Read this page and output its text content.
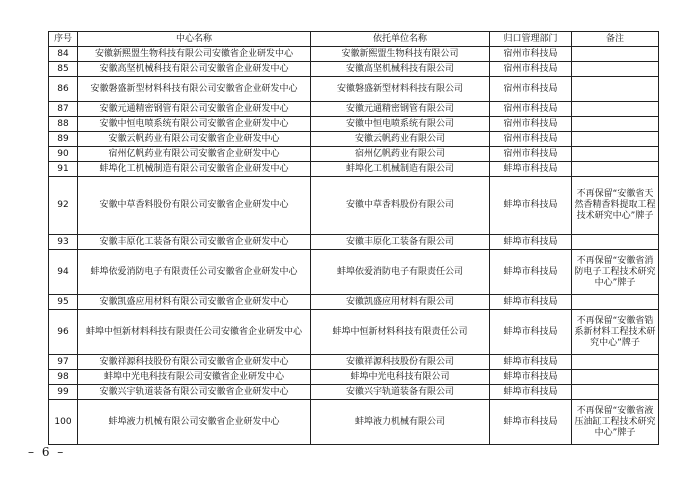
序号	中心名称	依托单位名称	归口管理部门	备注
84	安徽新熙盟生物科技有限公司安徽省企业研发中心	安徽新熙盟生物科技有限公司	宿州市科技局	
85	安徽高坚机械科技有限公司安徽省企业研发中心	安徽高坚机械科技有限公司	宿州市科技局	
86	安徽磐盛新型材料科技有限公司安徽省企业研发中心	安徽磐盛新型材料科技有限公司	宿州市科技局	
87	安徽元通精密钢管有限公司安徽省企业研发中心	安徽元通精密钢管有限公司	宿州市科技局	
88	安徽中恒电喷系统有限公司安徽省企业研发中心	安徽中恒电喷系统有限公司	宿州市科技局	
89	安徽云帆药业有限公司安徽省企业研发中心	安徽云帆药业有限公司	宿州市科技局	
90	宿州亿帆药业有限公司安徽省企业研发中心	宿州亿帆药业有限公司	宿州市科技局	
91	蚌埠化工机械制造有限公司安徽省企业研发中心	蚌埠化工机械制造有限公司	蚌埠市科技局	
92	安徽中草香料股份有限公司安徽省企业研发中心	安徽中草香料股份有限公司	蚌埠市科技局	不再保留“安徽省天然香精香料提取工程技术研究中心”牌子
93	安徽丰原化工装备有限公司安徽省企业研发中心	安徽丰原化工装备有限公司	蚌埠市科技局	
94	蚌埠依爱消防电子有限责任公司安徽省企业研发中心	蚌埠依爱消防电子有限责任公司	蚌埠市科技局	不再保留“安徽省消防电子工程技术研究中心”牌子
95	安徽凯盛应用材料有限公司安徽省企业研发中心	安徽凯盛应用材料有限公司	蚌埠市科技局	
96	蚌埠中恒新材料科技有限责任公司安徽省企业研发中心	蚌埠中恒新材料科技有限责任公司	蚌埠市科技局	不再保留“安徽省锆系新材料工程技术研究中心”牌子
97	安徽祥源科技股份有限公司安徽省企业研发中心	安徽祥源科技股份有限公司	蚌埠市科技局	
98	蚌埠中光电科技有限公司安徽省企业研发中心	蚌埠中光电科技有限公司	蚌埠市科技局	
99	安徽兴宇轨道装备有限公司安徽省企业研发中心	安徽兴宇轨道装备有限公司	蚌埠市科技局	
100	蚌埠液力机械有限公司安徽省企业研发中心	蚌埠液力机械有限公司	蚌埠市科技局	不再保留“安徽省液压油缸工程技术研究中心”牌子
– 6 –
